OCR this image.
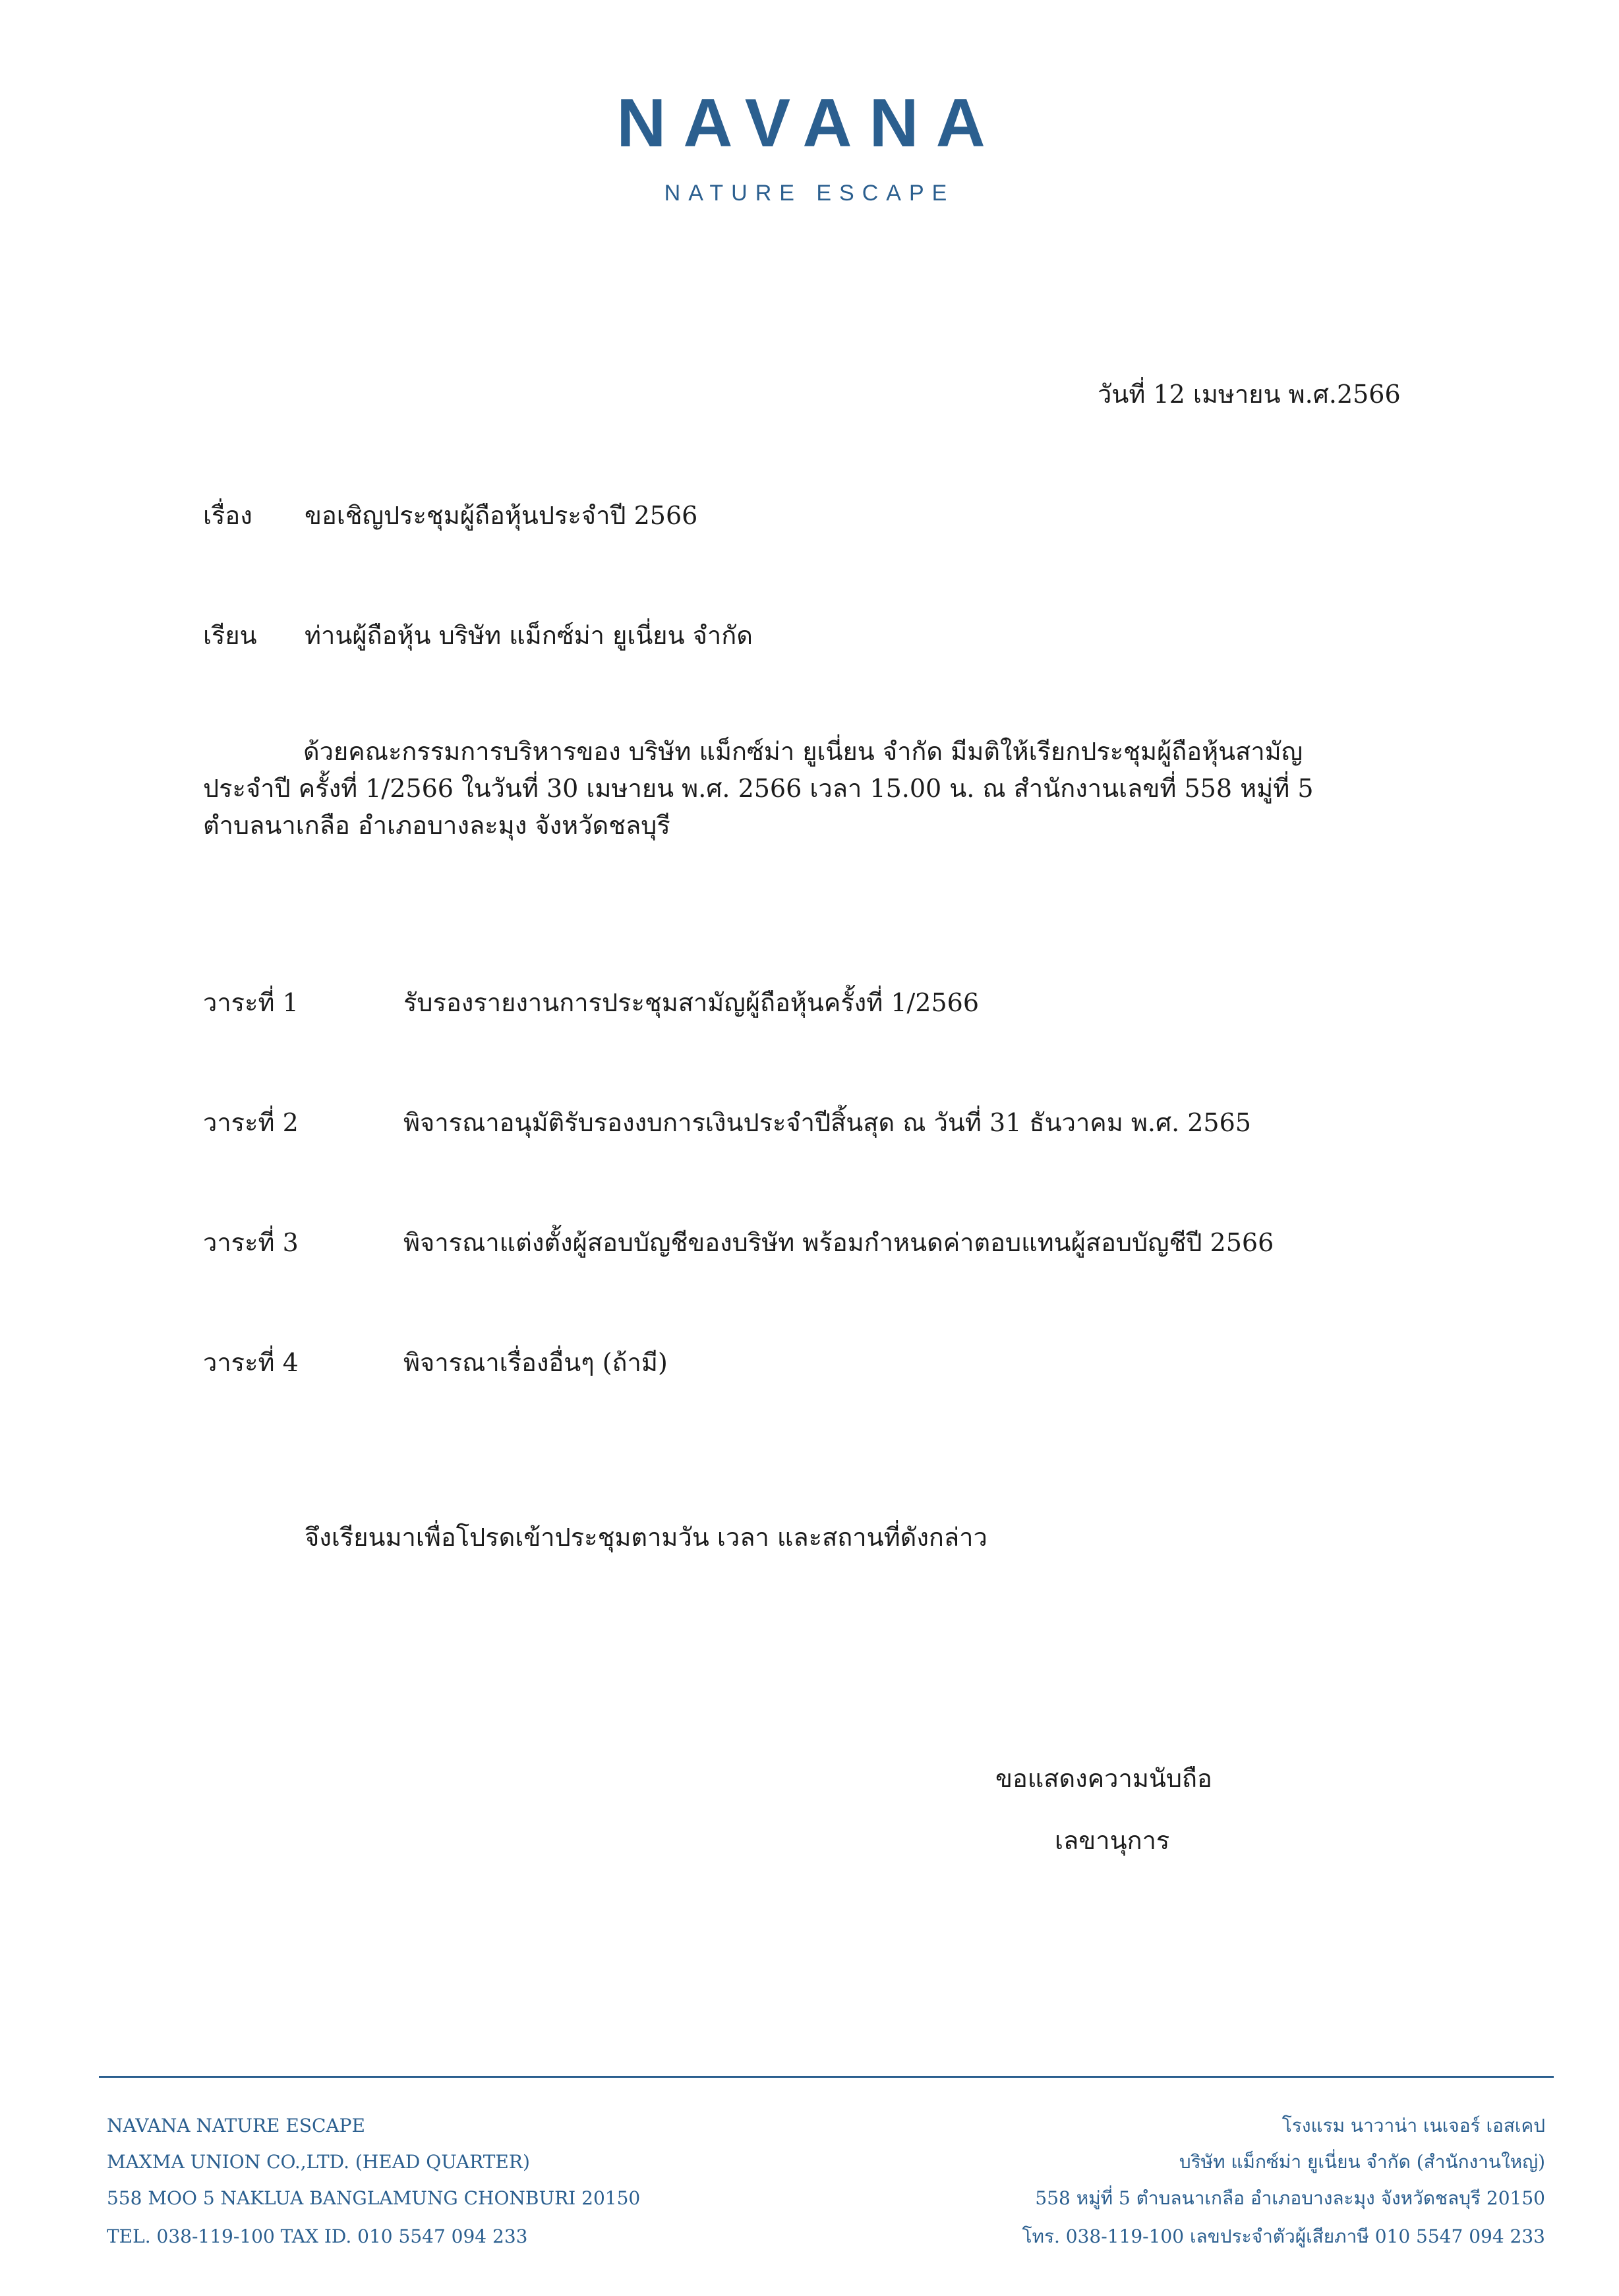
NAVANA
NATURE ESCAPE
วันที่ 12 เมษายน พ.ศ.2566
เรื่อง ขอเชิญประชุมผู้ถือหุ้นประจำปี 2566
เรียน ท่านผู้ถือหุ้น บริษัท แม็กซ์ม่า ยูเนี่ยน จำกัด
ด้วยคณะกรรมการบริหารของ บริษัท แม็กซ์ม่า ยูเนี่ยน จำกัด มีมติให้เรียกประชุมผู้ถือหุ้นสามัญ
ประจำปี ครั้งที่ 1/2566 ในวันที่ 30 เมษายน พ.ศ. 2566 เวลา 15.00 น. ณ สำนักงานเลขที่ 558 หมู่ที่ 5
ตำบลนาเกลือ อำเภอบางละมุง จังหวัดชลบุรี
วาระที่ 1	รับรองรายงานการประชุมสามัญผู้ถือหุ้นครั้งที่ 1/2566
วาระที่ 2	พิจารณาอนุมัติรับรองงบการเงินประจำปีสิ้นสุด ณ วันที่ 31 ธันวาคม พ.ศ. 2565
วาระที่ 3	พิจารณาแต่งตั้งผู้สอบบัญชีของบริษัท พร้อมกำหนดค่าตอบแทนผู้สอบบัญชีปี 2566
วาระที่ 4	พิจารณาเรื่องอื่นๆ (ถ้ามี)
จึงเรียนมาเพื่อโปรดเข้าประชุมตามวัน เวลา และสถานที่ดังกล่าว
ขอแสดงความนับถือ
เลขานุการ
NAVANA NATURE ESCAPE
MAXMA UNION CO.,LTD. (HEAD QUARTER)
558 MOO 5 NAKLUA BANGLAMUNG CHONBURI 20150
TEL. 038-119-100 TAX ID. 010 5547 094 233
โรงแรม นาวาน่า เนเจอร์ เอสเคป
บริษัท แม็กซ์ม่า ยูเนี่ยน จำกัด (สำนักงานใหญ่)
558 หมู่ที่ 5 ตำบลนาเกลือ อำเภอบางละมุง จังหวัดชลบุรี 20150
โทร. 038-119-100 เลขประจำตัวผู้เสียภาษี 010 5547 094 233
